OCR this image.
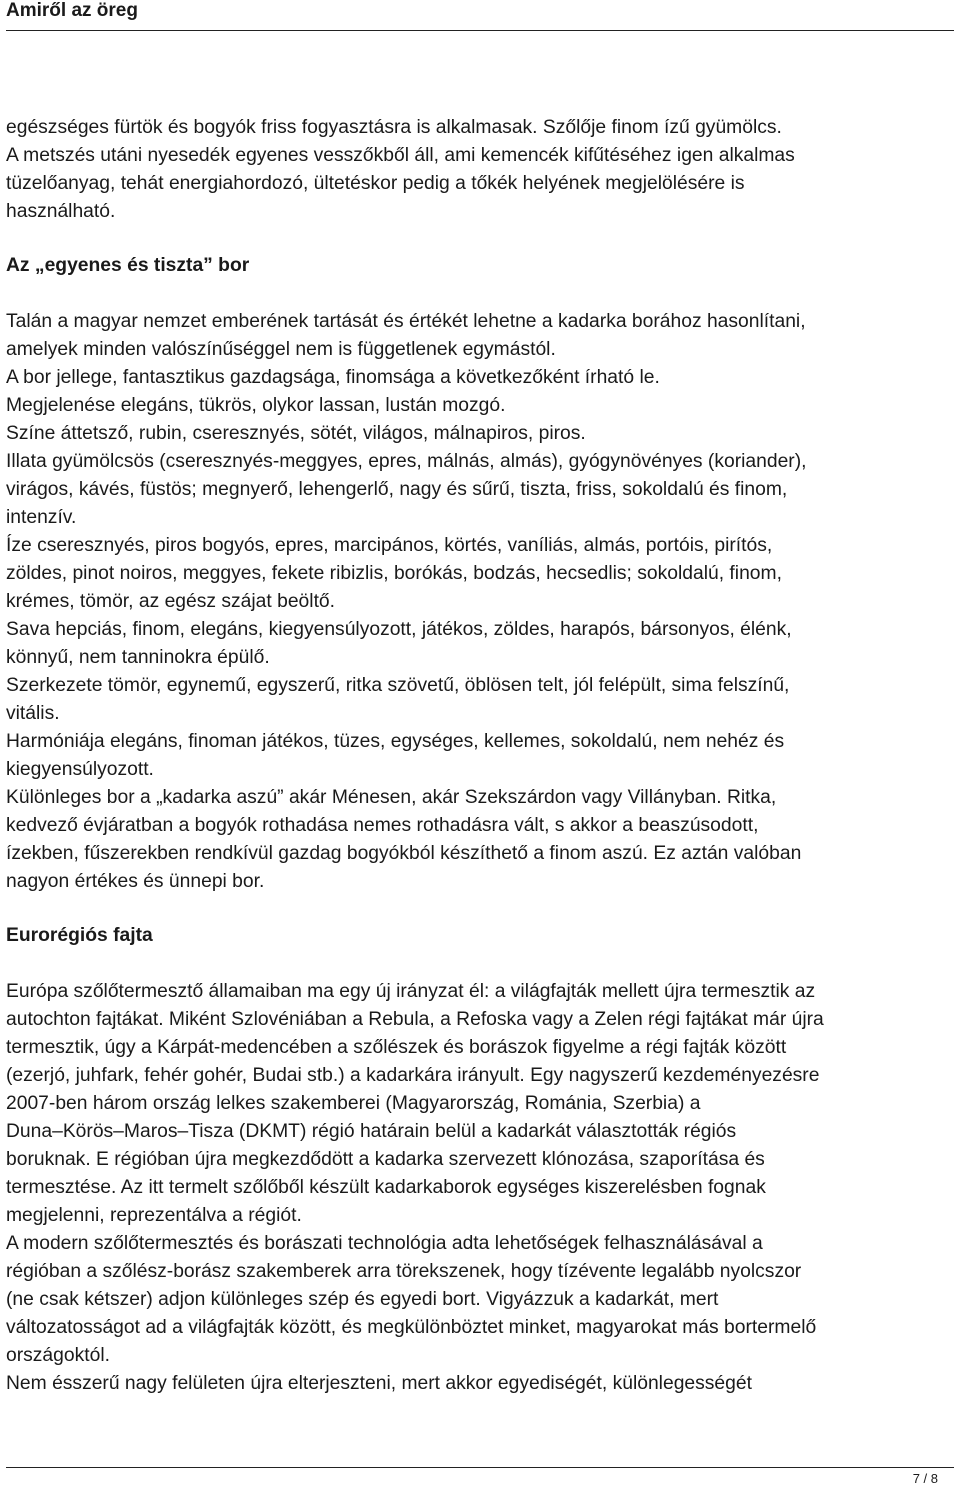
Amiről az öreg

egészséges fürtök és bogyók friss fogyasztásra is alkalmasak. Szőlője finom ízű gyümölcs.
A metszés utáni nyesedék egyenes vesszőkből áll, ami kemencék kifűtéséhez igen alkalmas
tüzelőanyag, tehát energiahordozó, ültetéskor pedig a tőkék helyének megjelölésére is
használható.

Az „egyenes és tiszta” bor

Talán a magyar nemzet emberének tartását és értékét lehetne a kadarka borához hasonlítani,
amelyek minden valószínűséggel nem is függetlenek egymástól.
A bor jellege, fantasztikus gazdagsága, finomsága a következőként írható le.
Megjelenése elegáns, tükrös, olykor lassan, lustán mozgó.
Színe áttetsző, rubin, cseresznyés, sötét, világos, málnapiros, piros.
Illata gyümölcsös (cseresznyés-meggyes, epres, málnás, almás), gyógynövényes (koriander),
virágos, kávés, füstös; megnyerő, lehengerlő, nagy és sűrű, tiszta, friss, sokoldalú és finom,
intenzív.
Íze cseresznyés, piros bogyós, epres, marcipános, körtés, vaníliás, almás, portóis, pirítós,
zöldes, pinot noiros, meggyes, fekete ribizlis, borókás, bodzás, hecsedlis; sokoldalú, finom,
krémes, tömör, az egész szájat beöltő.
Sava hepciás, finom, elegáns, kiegyensúlyozott, játékos, zöldes, harapós, bársonyos, élénk,
könnyű, nem tanninokra épülő.
Szerkezete tömör, egynemű, egyszerű, ritka szövetű, öblösen telt, jól felépült, sima felszínű,
vitális.
Harmóniája elegáns, finoman játékos, tüzes, egységes, kellemes, sokoldalú, nem nehéz és
kiegyensúlyozott.
Különleges bor a „kadarka aszú” akár Ménesen, akár Szekszárdon vagy Villányban. Ritka,
kedvező évjáratban a bogyók rothadása nemes rothadásra vált, s akkor a beaszúsodott,
ízekben, fűszerekben rendkívül gazdag bogyókból készíthető a finom aszú. Ez aztán valóban
nagyon értékes és ünnepi bor.

Eurorégiós fajta

Európa szőlőtermesztő államaiban ma egy új irányzat él: a világfajták mellett újra termesztik az
autochton fajtákat. Miként Szlovéniában a Rebula, a Refoska vagy a Zelen régi fajtákat már újra
termesztik, úgy a Kárpát-medencében a szőlészek és borászok figyelme a régi fajták között
(ezerjó, juhfark, fehér gohér, Budai stb.) a kadarkára irányult. Egy nagyszerű kezdeményezésre
2007-ben három ország lelkes szakemberei (Magyarország, Románia, Szerbia) a
Duna–Körös–Maros–Tisza (DKMT) régió határain belül a kadarkát választották régiós
boruknak. E régióban újra megkezdődött a kadarka szervezett klónozása, szaporítása és
termesztése. Az itt termelt szőlőből készült kadarkaborok egységes kiszerelésben fognak
megjelenni, reprezentálva a régiót.
A modern szőlőtermesztés és borászati technológia adta lehetőségek felhasználásával a
régióban a szőlész-borász szakemberek arra törekszenek, hogy tízévente legalább nyolcszor
(ne csak kétszer) adjon különleges szép és egyedi bort. Vigyázzuk a kadarkát, mert
változatosságot ad a világfajták között, és megkülönböztet minket, magyarokat más bortermelő
országoktól.
Nem ésszerű nagy felületen újra elterjeszteni, mert akkor egyediségét, különlegességét

7 / 8
